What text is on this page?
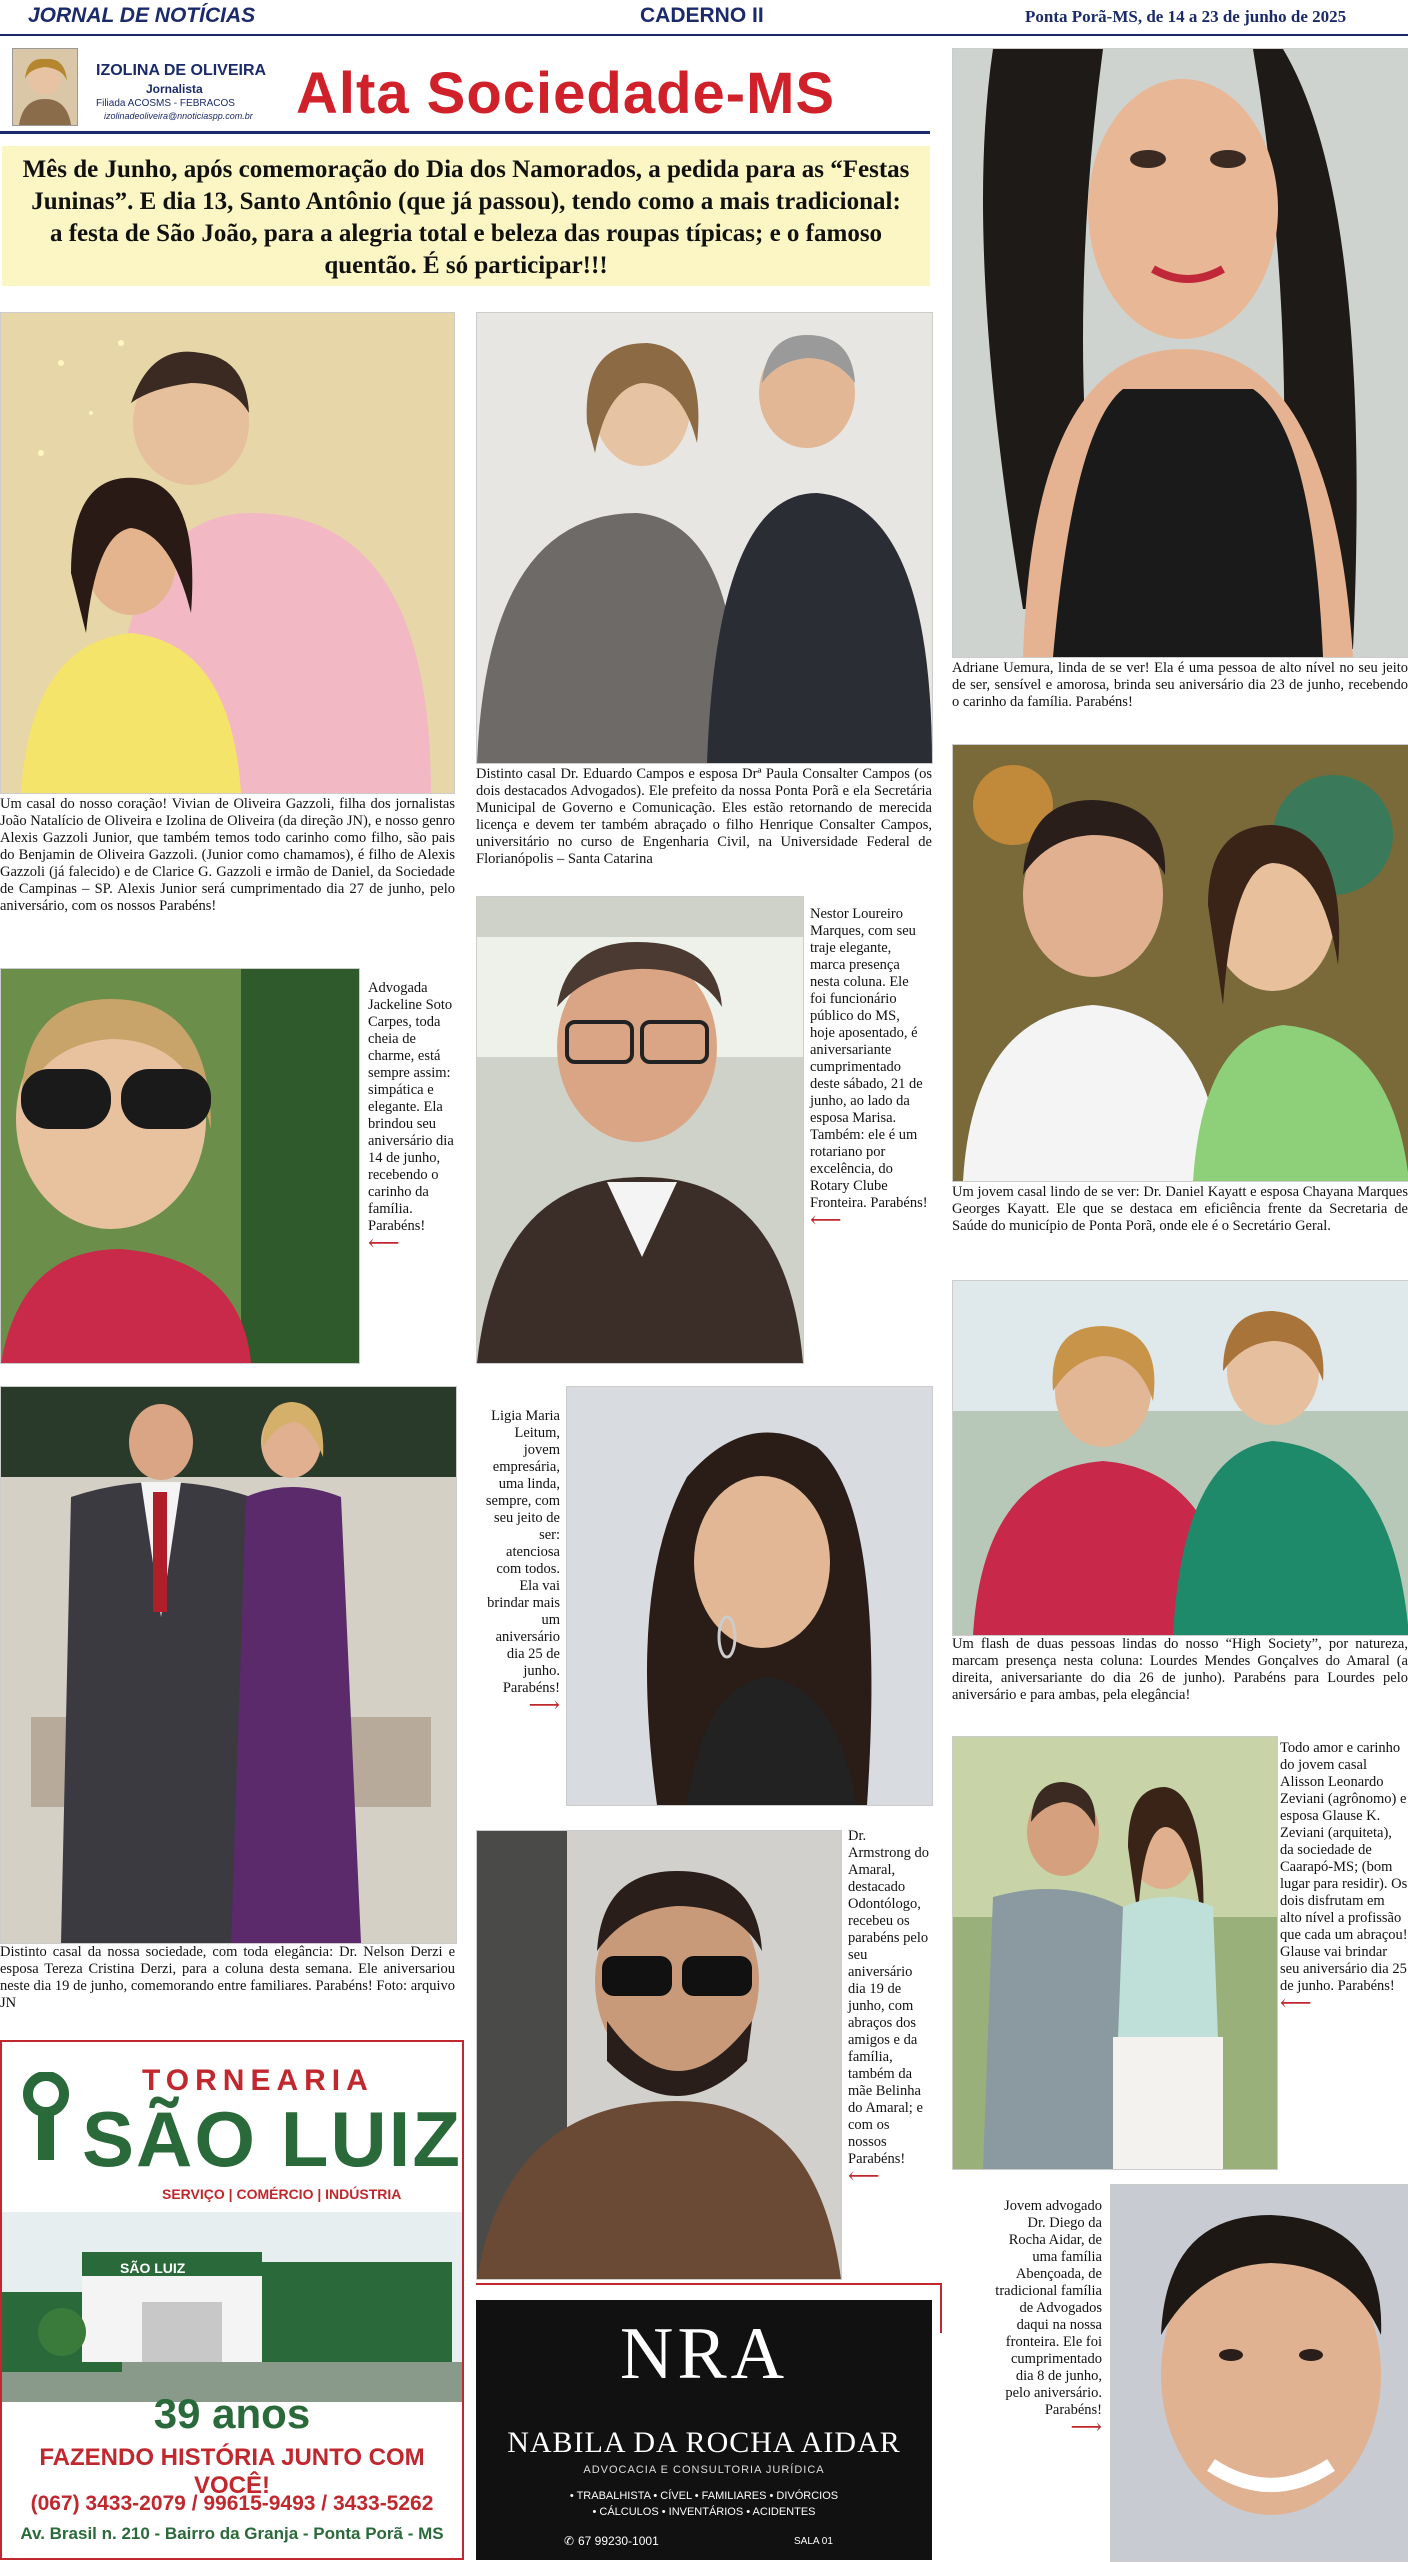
JORNAL DE NOTÍCIAS	CADERNO II	Ponta Porã-MS, de 14 a 23 de junho de 2025
IZOLINA DE OLIVEIRA
Jornalista
Filiada ACOSMS - FEBRACOS
izolinadeoliveira@nnoticiaspp.com.br Alta Sociedade-MS
Mês de Junho, após comemoração do Dia dos Namorados, a pedida para as “Festas Juninas”. E dia 13, Santo Antônio (que já passou), tendo como a mais tradicional: a festa de São João, para a alegria total e beleza das roupas típicas; e o famoso quentão. É só participar!!!
Um casal do nosso coração! Vivian de Oliveira Gazzoli, filha dos jornalistas João Natalício de Oliveira e Izolina de Oliveira (da direção JN), e nosso genro Alexis Gazzoli Junior, que também temos todo carinho como filho, são pais do Benjamin de Oliveira Gazzoli. (Junior como chamamos), é filho de Alexis Gazzoli (já falecido) e de Clarice G. Gazzoli e irmão de Daniel, da Sociedade de Campinas – SP. Alexis Junior será cumprimentado dia 27 de junho, pelo aniversário, com os nossos Parabéns!
Distinto casal Dr. Eduardo Campos e esposa Drª Paula Consalter Campos (os dois destacados Advogados). Ele prefeito da nossa Ponta Porã e ela Secretária Municipal de Governo e Comunicação. Eles estão retornando de merecida licença e devem ter também abraçado o filho Henrique Consalter Campos, universitário no curso de Engenharia Civil, na Universidade Federal de Florianópolis – Santa Catarina
Adriane Uemura, linda de se ver! Ela é uma pessoa de alto nível no seu jeito de ser, sensível e amorosa, brinda seu aniversário dia 23 de junho, recebendo o carinho da família. Parabéns!
Advogada Jackeline Soto Carpes, toda cheia de charme, está sempre assim: simpática e elegante. Ela brindou seu aniversário dia 14 de junho, recebendo o carinho da família. Parabéns!
⟵
Nestor Loureiro Marques, com seu traje elegante, marca presença nesta coluna. Ele foi funcionário público do MS, hoje aposentado, é aniversariante cumprimentado deste sábado, 21 de junho, ao lado da esposa Marisa. Também: ele é um rotariano por excelência, do Rotary Clube Fronteira. Parabéns!
⟵
Um jovem casal lindo de se ver: Dr. Daniel Kayatt e esposa Chayana Marques Georges Kayatt. Ele que se destaca em eficiência frente da Secretaria de Saúde do município de Ponta Porã, onde ele é o Secretário Geral.
Distinto casal da nossa sociedade, com toda elegância: Dr. Nelson Derzi e esposa Tereza Cristina Derzi, para a coluna desta semana. Ele aniversariou neste dia 19 de junho, comemorando entre familiares. Parabéns! Foto: arquivo JN
Ligia Maria Leitum, jovem empresária, uma linda, sempre, com seu jeito de ser: atenciosa com todos. Ela vai brindar mais um aniversário dia 25 de junho. Parabéns!
⟶
Um flash de duas pessoas lindas do nosso “High Society”, por natureza, marcam presença nesta coluna: Lourdes Mendes Gonçalves do Amaral (a direita, aniversariante do dia 26 de junho). Parabéns para Lourdes pelo aniversário e para ambas, pela elegância!
TORNEARIA
SÃO LUIZ
SERVIÇO | COMÉRCIO | INDÚSTRIA
SÃO LUIZ
39 anos
FAZENDO HISTÓRIA JUNTO COM VOCÊ!
(067) 3433-2079 / 99615-9493 / 3433-5262
Av. Brasil n. 210 - Bairro da Granja - Ponta Porã - MS
Dr. Armstrong do Amaral, destacado Odontólogo, recebeu os parabéns pelo seu aniversário dia 19 de junho, com abraços dos amigos e da família, também da mãe Belinha do Amaral; e com os nossos Parabéns!
⟵
Todo amor e carinho do jovem casal Alisson Leonardo Zeviani (agrônomo) e esposa Glause K. Zeviani (arquiteta), da sociedade de Caarapó-MS; (bom lugar para residir). Os dois disfrutam em alto nível a profissão que cada um abraçou! Glause vai brindar seu aniversário dia 25 de junho. Parabéns!
⟵
NRA
NABILA DA ROCHA AIDAR
ADVOCACIA E CONSULTORIA JURÍDICA
• TRABALHISTA • CÍVEL • FAMILIARES • DIVÓRCIOS
• CÁLCULOS • INVENTÁRIOS • ACIDENTES
✆ 67 99230-1001	SALA 01
Jovem advogado Dr. Diego da Rocha Aidar, de uma família Abençoada, de tradicional família de Advogados daqui na nossa fronteira. Ele foi cumprimentado dia 8 de junho, pelo aniversário. Parabéns!
⟶
